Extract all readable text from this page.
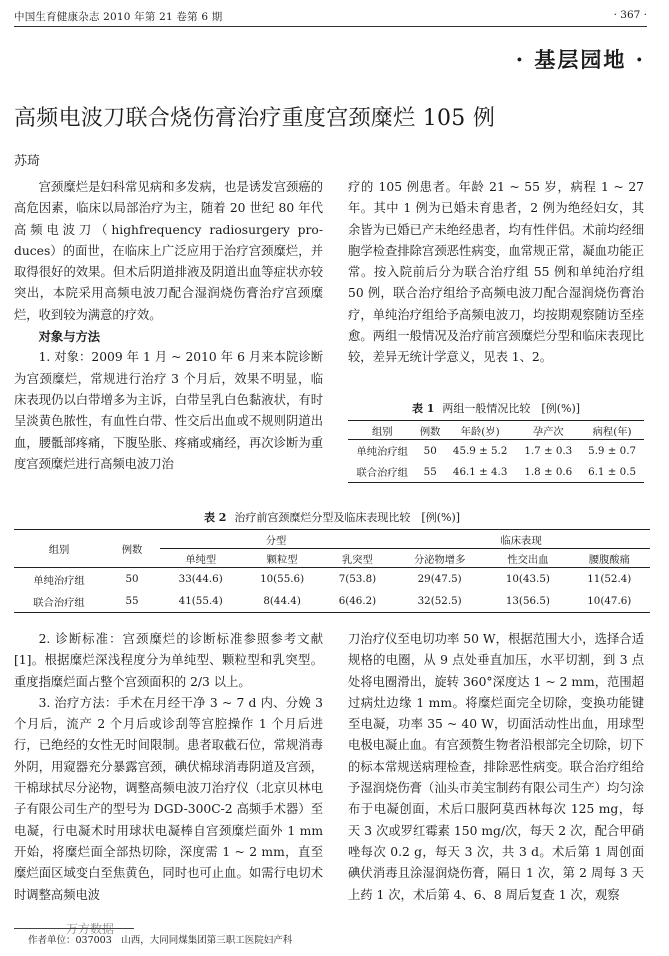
中国生育健康杂志 2010 年第 21 卷第 6 期	· 367 ·
· 基层园地 ·
高频电波刀联合烧伤膏治疗重度宫颈糜烂 105 例
苏琦

宫颈糜烂是妇科常见病和多发病，也是诱发宫颈癌的高危因素，临床以局部治疗为主，随着 20 世纪 80 年代高频电波刀（highfrequency radiosurgery pro- duces）的面世，在临床上广泛应用于治疗宫颈糜烂，并取得很好的效果。但术后阴道排液及阴道出血等症状亦较突出，本院采用高频电波刀配合湿润烧伤膏治疗宫颈糜烂，收到较为满意的疗效。

对象与方法

1. 对象：2009 年 1 月 ~ 2010 年 6 月来本院诊断为宫颈糜烂，常规进行治疗 3 个月后，效果不明显，临床表现仍以白带增多为主诉，白带呈乳白色黏液状，有时呈淡黄色脓性，有血性白带、性交后出血或不规则阴道出血，腰骶部疼痛，下腹坠胀、疼痛或痛经，再次诊断为重度宫颈糜烂进行高频电波刀治

疗的 105 例患者。年龄 21 ~ 55 岁，病程 1 ~ 27 年。其中 1 例为已婚未育患者，2 例为绝经妇女，其余皆为已婚已产未绝经患者，均有性伴侣。术前均经细胞学检查排除宫颈恶性病变，血常规正常，凝血功能正常。按入院前后分为联合治疗组 55 例和单纯治疗组 50 例，联合治疗组给予高频电波刀配合湿润烧伤膏治疗，单纯治疗组给予高频电波刀，均按期观察随访至痊愈。两组一般情况及治疗前宫颈糜烂分型和临床表现比较，差异无统计学意义，见表 1、2。

表 1 两组一般情况比较　[例(%)]
组别	例数	年龄(岁)	孕产次	病程(年)
单纯治疗组	50	45.9 ± 5.2	1.7 ± 0.3	5.9 ± 0.7
联合治疗组	55	46.1 ± 4.3	1.8 ± 0.6	6.1 ± 0.5
表 2 治疗前宫颈糜烂分型及临床表现比较　[例(%)]
组别	例数	分型			临床表现		
		单纯型	颗粒型	乳突型	分泌物增多	性交出血	腰腹酸痛
单纯治疗组	50	33(44.6)	10(55.6)	7(53.8)	29(47.5)	10(43.5)	11(52.4)
联合治疗组	55	41(55.4)	8(44.4)	6(46.2)	32(52.5)	13(56.5)	10(47.6)

2. 诊断标准：宫颈糜烂的诊断标准参照参考文献[1]。根据糜烂深浅程度分为单纯型、颗粒型和乳突型。重度指糜烂面占整个宫颈面积的 2/3 以上。

3. 治疗方法：手术在月经干净 3 ~ 7 d 内、分娩 3 个月后，流产 2 个月后或诊刮等宫腔操作 1 个月后进行，已绝经的女性无时间限制。患者取截石位，常规消毒外阴，用窥器充分暴露宫颈，碘伏棉球消毒阴道及宫颈，干棉球拭尽分泌物，调整高频电波刀治疗仪（北京贝林电子有限公司生产的型号为 DGD-300C-2 高频手术器）至电凝，行电凝术时用球状电凝棒自宫颈糜烂面外 1 mm 开始，将糜烂面全部热切除，深度需 1 ~ 2 mm，直至糜烂面区域变白至焦黄色，同时也可止血。如需行电切术时调整高频电波

刀治疗仪至电切功率 50 W，根据范围大小，选择合适规格的电圈，从 9 点处垂直加压，水平切割，到 3 点处将电圈滑出，旋转 360°深度达 1 ~ 2 mm，范围超过病灶边缘 1 mm。将糜烂面完全切除，变换功能键至电凝，功率 35 ~ 40 W，切面活动性出血，用球型电极电凝止血。有宫颈赘生物者沿根部完全切除，切下的标本常规送病理检查，排除恶性病变。联合治疗组给予湿润烧伤膏（汕头市美宝制药有限公司生产）均匀涂布于电凝创面，术后口服阿莫西林每次 125 mg，每天 3 次或罗红霉素 150 mg/次，每天 2 次，配合甲硝唑每次 0.2 g，每天 3 次，共 3 d。术后第 1 周创面碘伏消毒且涂湿润烧伤膏，隔日 1 次，第 2 周每 3 天上药 1 次，术后第 4、6、8 周后复查 1 次，观察

万方数据
作者单位：037003　山西，大同同煤集团第三职工医院妇产科
